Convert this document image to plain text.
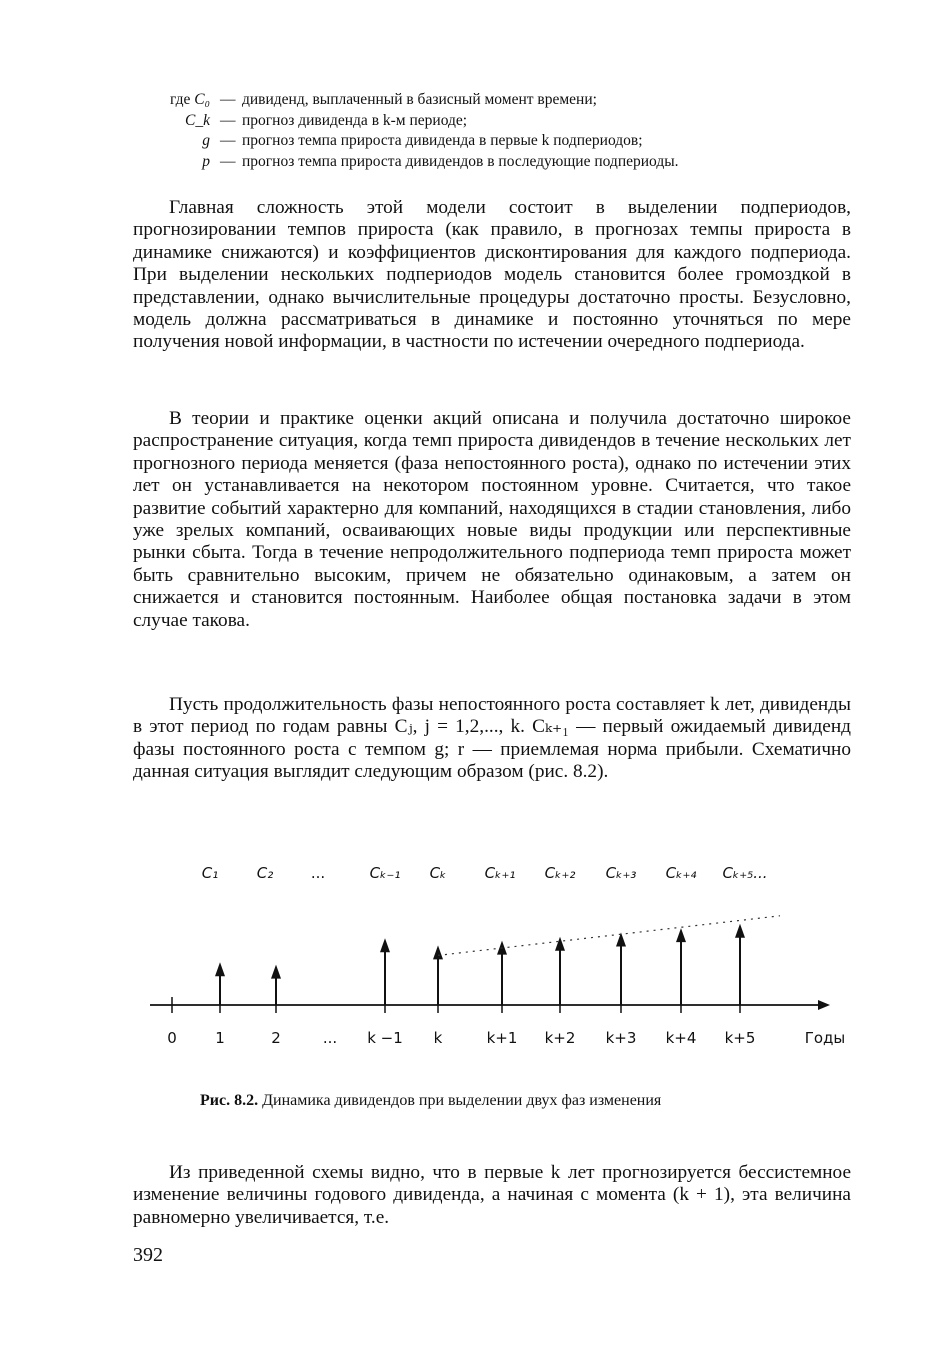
где C₀ — дивиденд, выплаченный в базисный момент времени;
C_k — прогноз дивиденда в k-м периоде;
g — прогноз темпа прироста дивиденда в первые k подпериодов;
p — прогноз темпа прироста дивидендов в последующие подпериоды.

Главная сложность этой модели состоит в выделении подпериодов, прогнозировании темпов прироста (как правило, в прогнозах темпы прироста в динамике снижаются) и коэффициентов дисконтирования для каждого подпериода. При выделении нескольких подпериодов модель становится более громоздкой в представлении, однако вычислительные процедуры достаточно просты. Безусловно, модель должна рассматриваться в динамике и постоянно уточняться по мере получения новой информации, в частности по истечении очередного подпериода.

В теории и практике оценки акций описана и получила достаточно широкое распространение ситуация, когда темп прироста дивидендов в течение нескольких лет прогнозного периода меняется (фаза непостоянного роста), однако по истечении этих лет он устанавливается на некотором постоянном уровне. Считается, что такое развитие событий характерно для компаний, находящихся в стадии становления, либо уже зрелых компаний, осваивающих новые виды продукции или перспективные рынки сбыта. Тогда в течение непродолжительного подпериода темп прироста может быть сравнительно высоким, причем не обязательно одинаковым, а затем он снижается и становится постоянным. Наиболее общая постановка задачи в этом случае такова.

Пусть продолжительность фазы непостоянного роста составляет k лет, дивиденды в этот период по годам равны Cⱼ, j = 1,2,..., k. Cₖ₊₁ — первый ожидаемый дивиденд фазы постоянного роста с темпом g; r — приемлемая норма прибыли. Схематично данная ситуация выглядит следующим образом (рис. 8.2).

C₁	C₂	...	Cₖ₋₁ Cₖ	Cₖ₊₁ Cₖ₊₂ Cₖ₊₃ Cₖ₊₄ Cₖ₊₅...
0	1	2	... k −1 k	k+1 k+2 k+3 k+4 k+5	Годы
Рис. 8.2. Динамика дивидендов при выделении двух фаз изменения

Из приведенной схемы видно, что в первые k лет прогнозируется бессистемное изменение величины годового дивиденда, а начиная с момента (k + 1), эта величина равномерно увеличивается, т.е.

392
